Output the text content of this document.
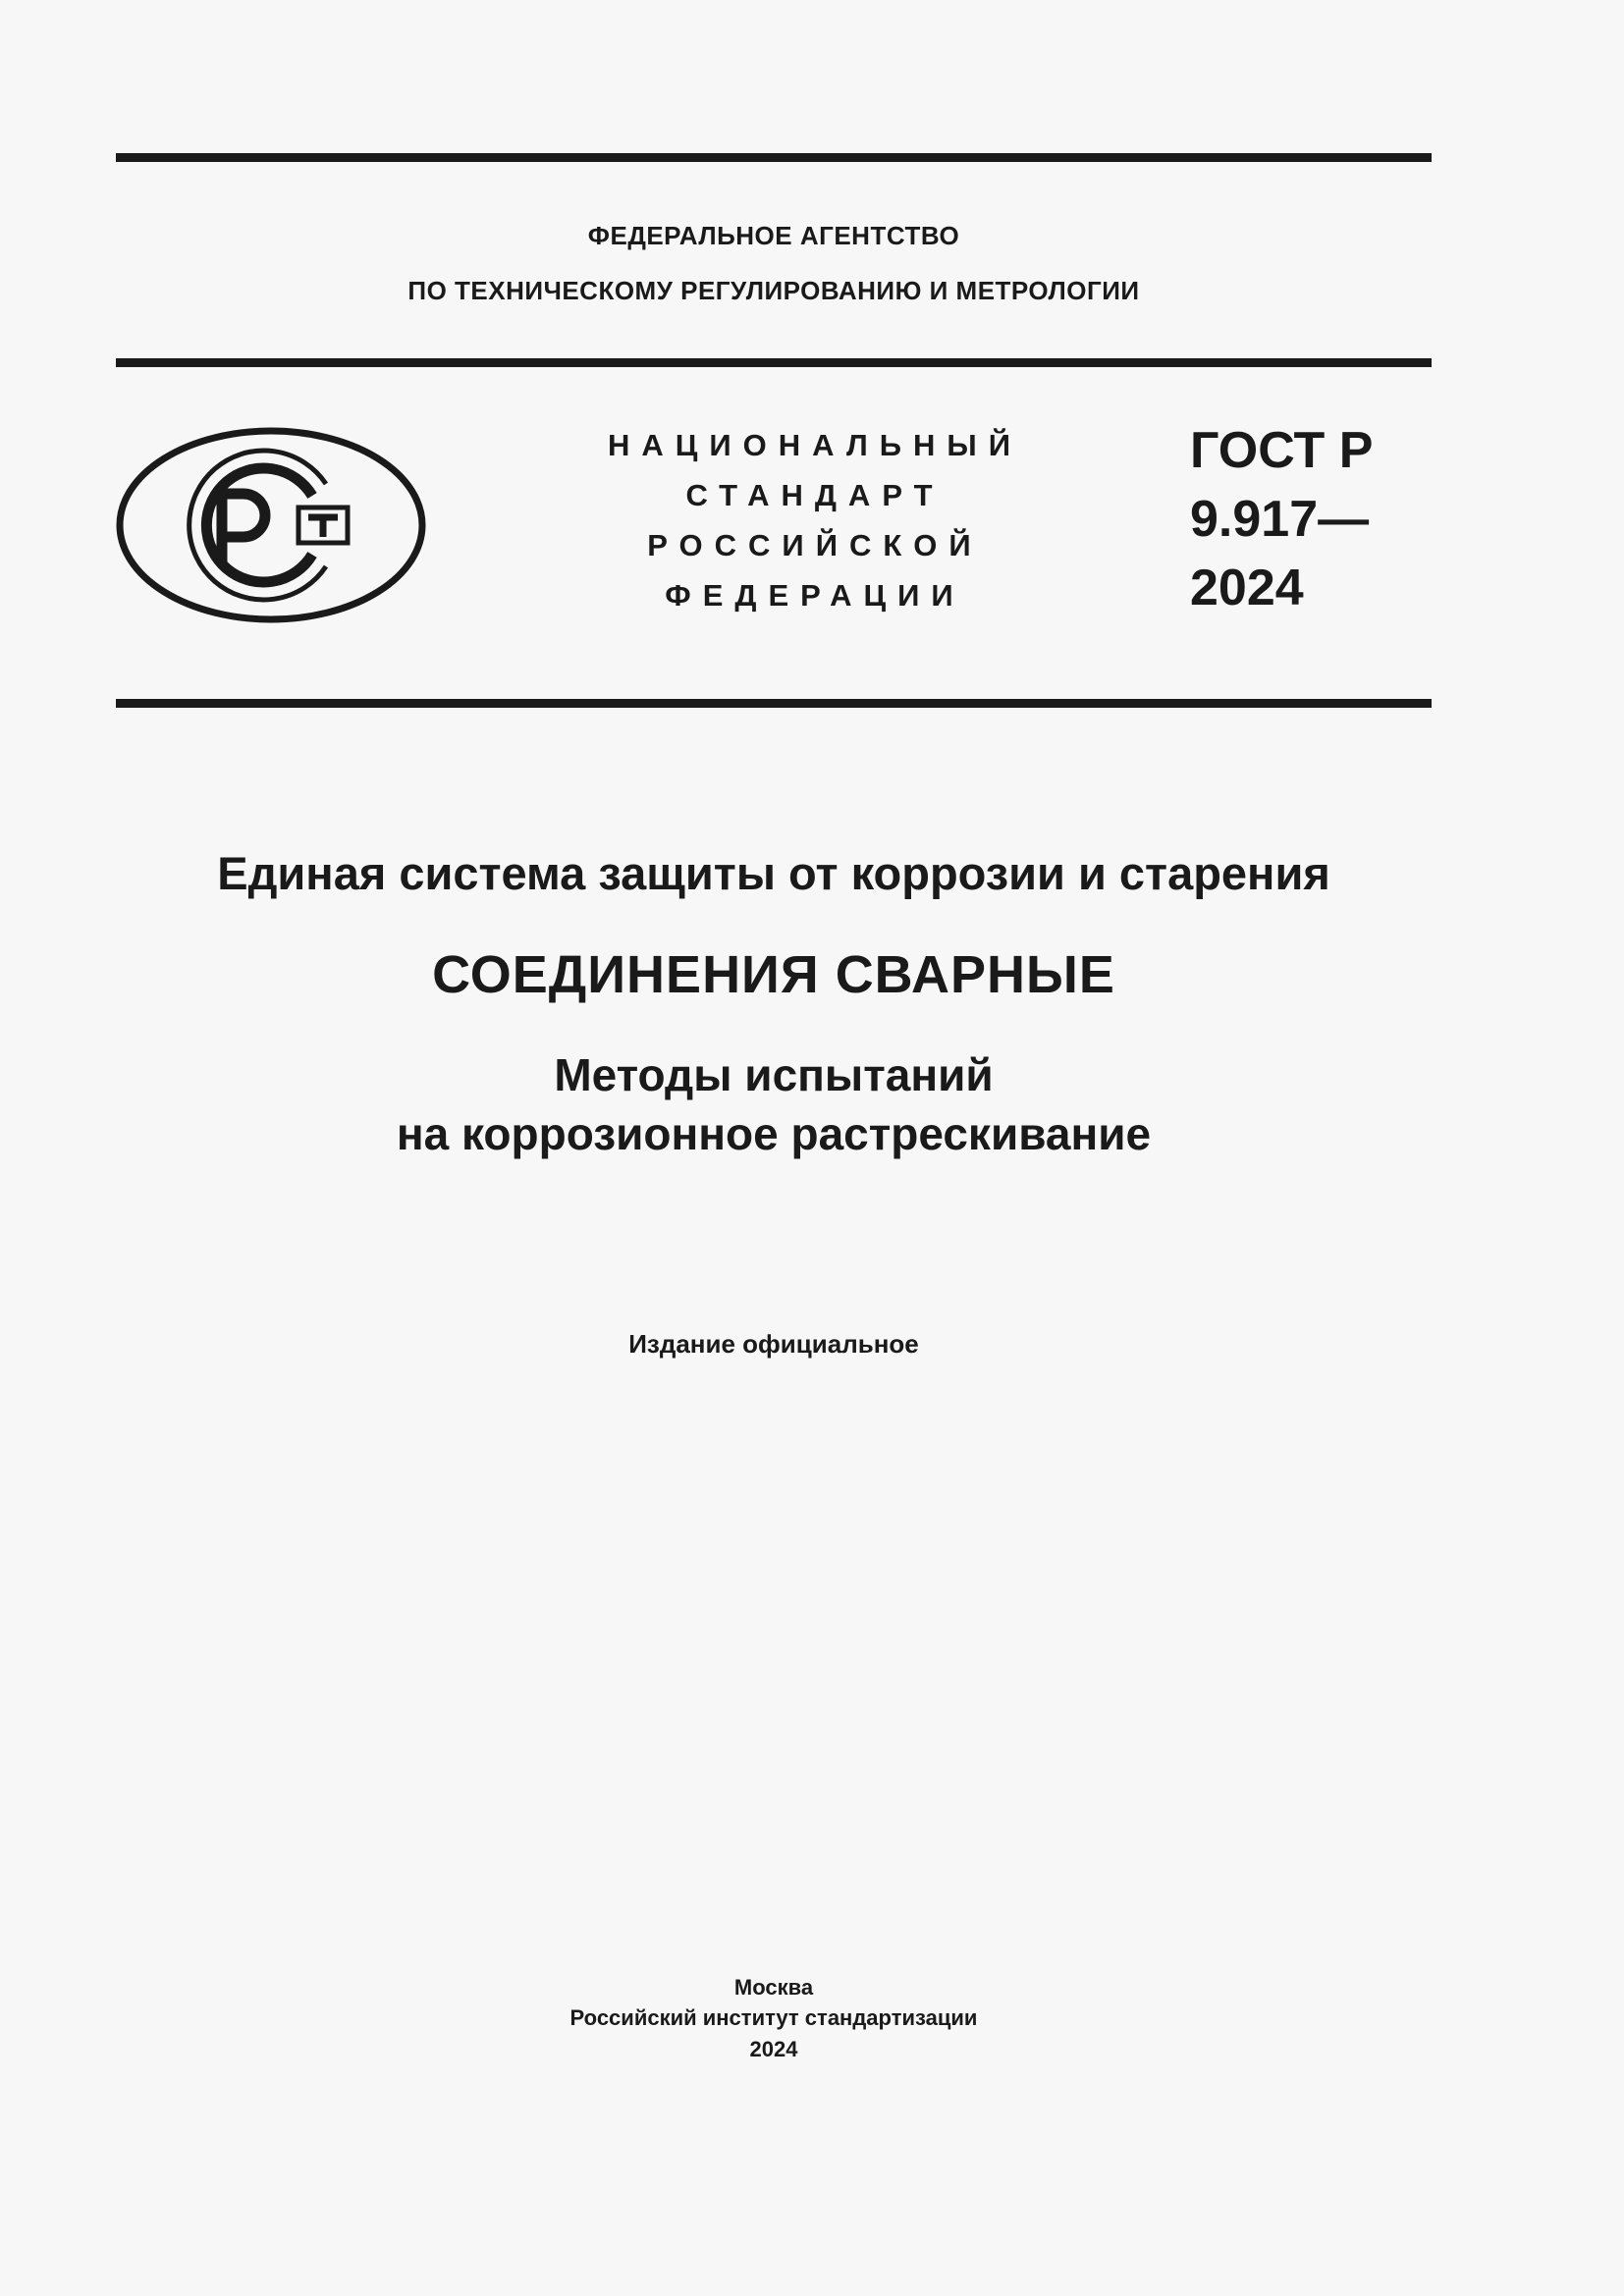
ФЕДЕРАЛЬНОЕ АГЕНТСТВО
ПО ТЕХНИЧЕСКОМУ РЕГУЛИРОВАНИЮ И МЕТРОЛОГИИ
НАЦИОНАЛЬНЫЙ
СТАНДАРТ
РОССИЙСКОЙ
ФЕДЕРАЦИИ
ГОСТ Р
9.917—
2024
Единая система защиты от коррозии и старения
СОЕДИНЕНИЯ СВАРНЫЕ
Методы испытаний
на коррозионное растрескивание
Издание официальное
Москва
Российский институт стандартизации
2024
